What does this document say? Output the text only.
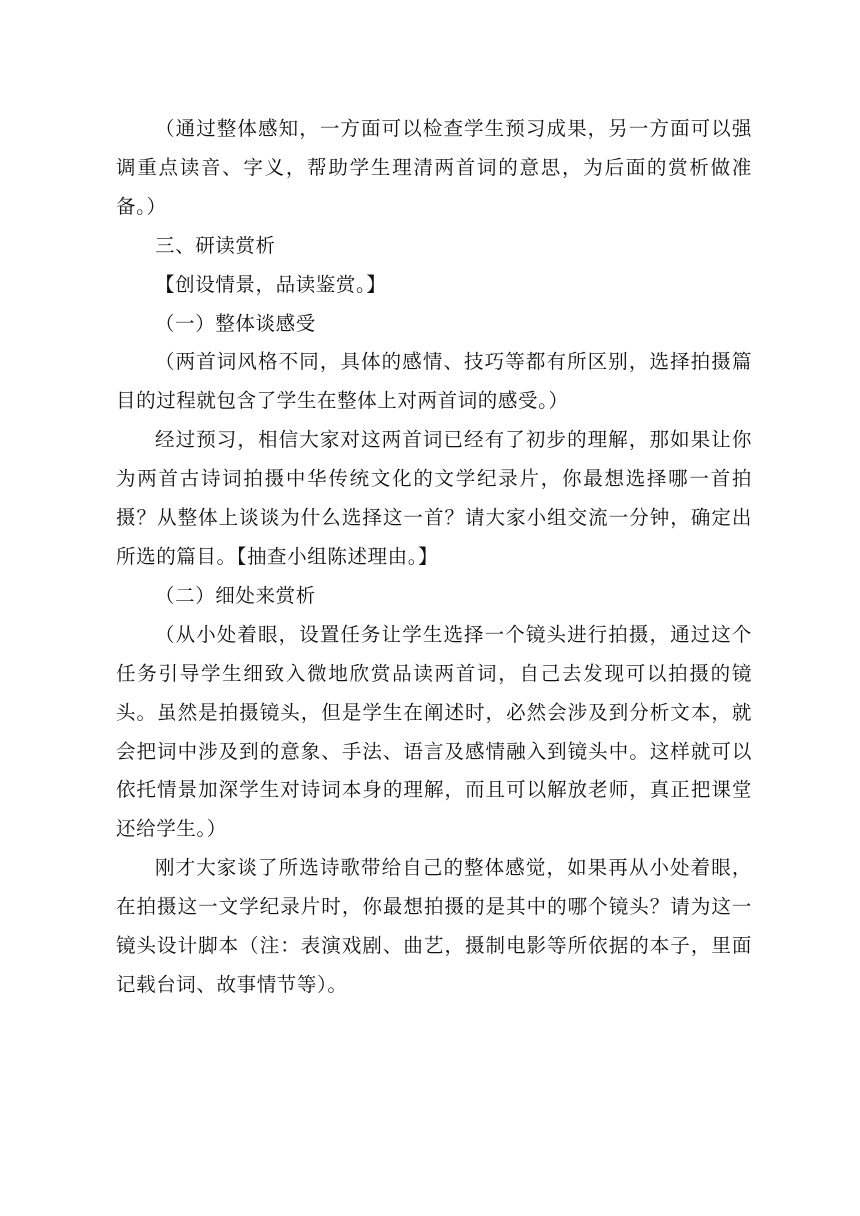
（通过整体感知，一方面可以检查学生预习成果，另一方面可以强调重点读音、字义，帮助学生理清两首词的意思，为后面的赏析做准备。）

三、研读赏析

【创设情景，品读鉴赏。】

（一）整体谈感受

（两首词风格不同，具体的感情、技巧等都有所区别，选择拍摄篇目的过程就包含了学生在整体上对两首词的感受。）

经过预习，相信大家对这两首词已经有了初步的理解，那如果让你为两首古诗词拍摄中华传统文化的文学纪录片，你最想选择哪一首拍摄？从整体上谈谈为什么选择这一首？请大家小组交流一分钟，确定出所选的篇目。【抽查小组陈述理由。】

（二）细处来赏析

（从小处着眼，设置任务让学生选择一个镜头进行拍摄，通过这个任务引导学生细致入微地欣赏品读两首词，自己去发现可以拍摄的镜头。虽然是拍摄镜头，但是学生在阐述时，必然会涉及到分析文本，就会把词中涉及到的意象、手法、语言及感情融入到镜头中。这样就可以依托情景加深学生对诗词本身的理解，而且可以解放老师，真正把课堂还给学生。）

刚才大家谈了所选诗歌带给自己的整体感觉，如果再从小处着眼，在拍摄这一文学纪录片时，你最想拍摄的是其中的哪个镜头？请为这一镜头设计脚本（注：表演戏剧、曲艺，摄制电影等所依据的本子，里面记载台词、故事情节等）。
